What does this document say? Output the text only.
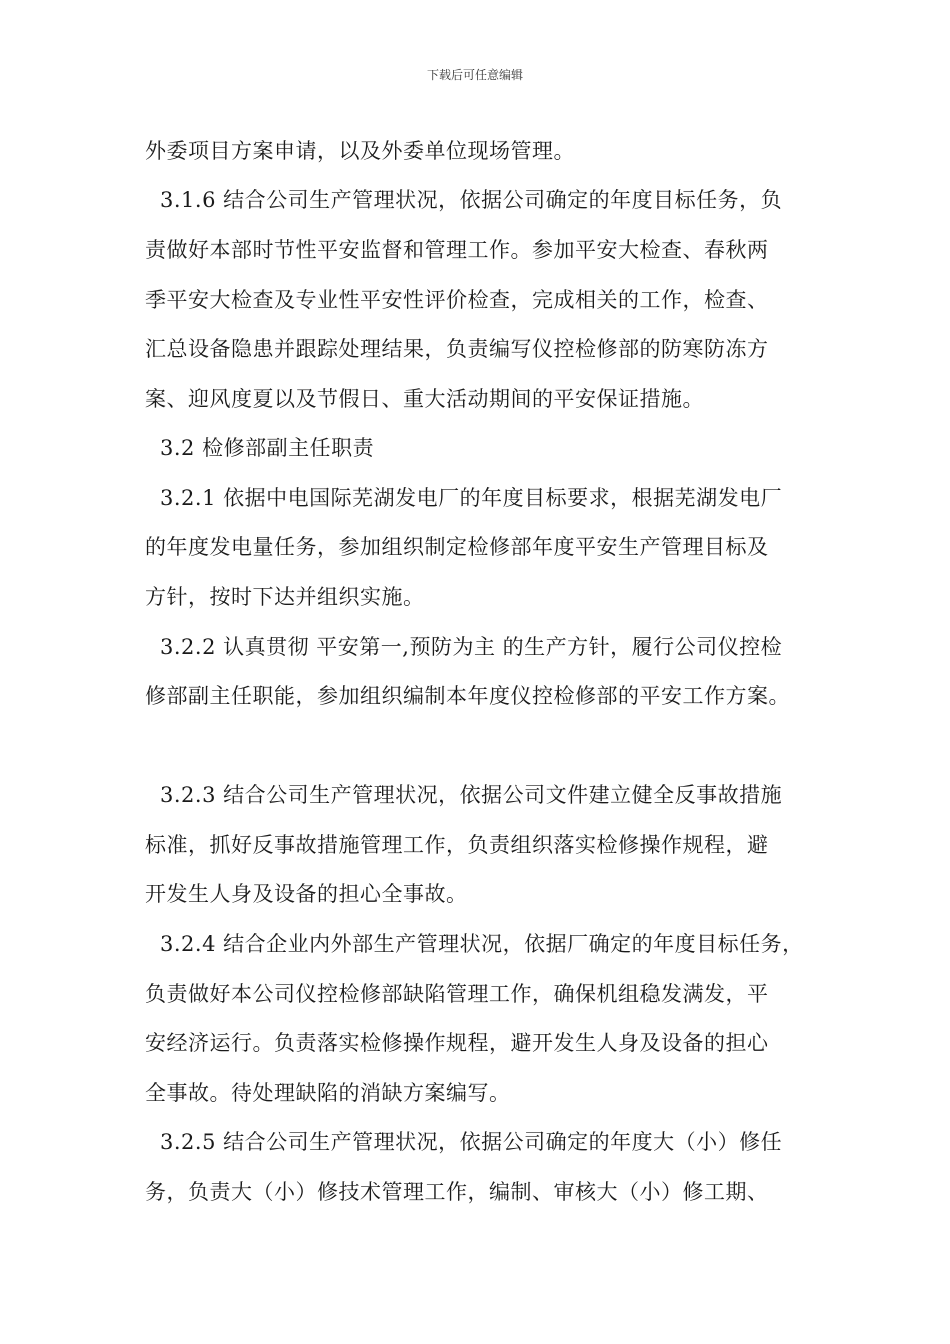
下载后可任意编辑
外委项目方案申请，以及外委单位现场管理。
3.1.6 结合公司生产管理状况，依据公司确定的年度目标任务，负
责做好本部时节性平安监督和管理工作。参加平安大检查、春秋两
季平安大检查及专业性平安性评价检查，完成相关的工作，检查、
汇总设备隐患并跟踪处理结果，负责编写仪控检修部的防寒防冻方
案、迎风度夏以及节假日、重大活动期间的平安保证措施。
3.2 检修部副主任职责
3.2.1 依据中电国际芜湖发电厂的年度目标要求，根据芜湖发电厂
的年度发电量任务，参加组织制定检修部年度平安生产管理目标及
方针，按时下达并组织实施。
3.2.2 认真贯彻 平安第一,预防为主 的生产方针，履行公司仪控检
修部副主任职能，参加组织编制本年度仪控检修部的平安工作方案。
3.2.3 结合公司生产管理状况，依据公司文件建立健全反事故措施
标准，抓好反事故措施管理工作，负责组织落实检修操作规程，避
开发生人身及设备的担心全事故。
3.2.4 结合企业内外部生产管理状况，依据厂确定的年度目标任务，
负责做好本公司仪控检修部缺陷管理工作，确保机组稳发满发，平
安经济运行。负责落实检修操作规程，避开发生人身及设备的担心
全事故。待处理缺陷的消缺方案编写。
3.2.5 结合公司生产管理状况，依据公司确定的年度大（小）修任
务，负责大（小）修技术管理工作，编制、审核大（小）修工期、
